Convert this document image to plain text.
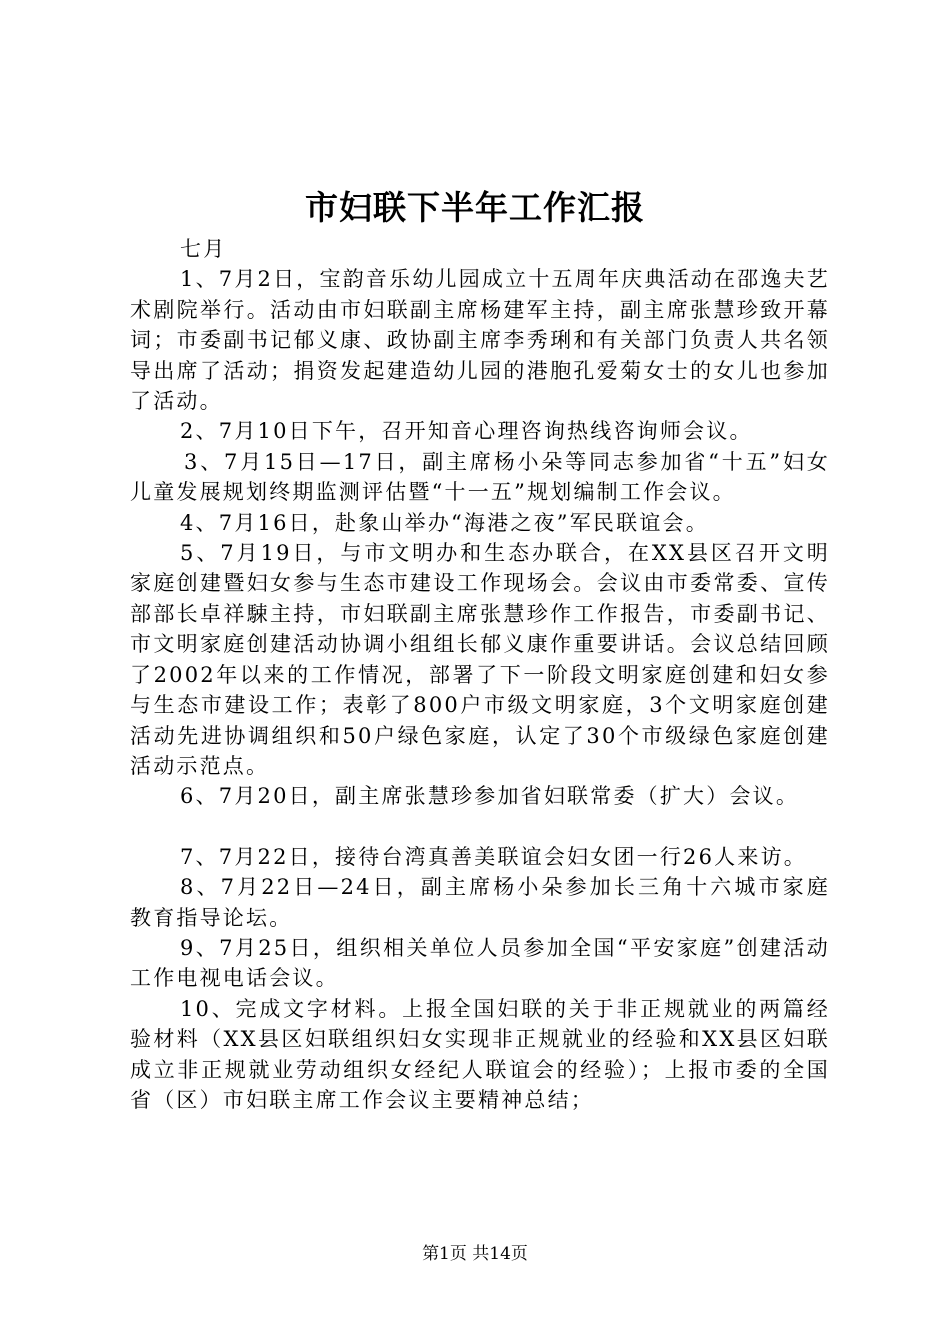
市妇联下半年工作汇报

七月

1、7月2日，宝韵音乐幼儿园成立十五周年庆典活动在邵逸夫艺术剧院举行。活动由市妇联副主席杨建军主持，副主席张慧珍致开幕词；市委副书记郁义康、政协副主席李秀琍和有关部门负责人共名领导出席了活动；捐资发起建造幼儿园的港胞孔爱菊女士的女儿也参加了活动。

2、7月10日下午，召开知音心理咨询热线咨询师会议。

3、7月15日—17日，副主席杨小朵等同志参加省“十五”妇女儿童发展规划终期监测评估暨“十一五”规划编制工作会议。

4、7月16日，赴象山举办“海港之夜”军民联谊会。

5、7月19日，与市文明办和生态办联合，在XX县区召开文明家庭创建暨妇女参与生态市建设工作现场会。会议由市委常委、宣传部部长卓祥駷主持，市妇联副主席张慧珍作工作报告，市委副书记、市文明家庭创建活动协调小组组长郁义康作重要讲话。会议总结回顾了2002年以来的工作情况，部署了下一阶段文明家庭创建和妇女参与生态市建设工作；表彰了800户市级文明家庭，3个文明家庭创建活动先进协调组织和50户绿色家庭，认定了30个市级绿色家庭创建活动示范点。

6、7月20日，副主席张慧珍参加省妇联常委（扩大）会议。

7、7月22日，接待台湾真善美联谊会妇女团一行26人来访。

8、7月22日—24日，副主席杨小朵参加长三角十六城市家庭教育指导论坛。

9、7月25日，组织相关单位人员参加全国“平安家庭”创建活动工作电视电话会议。

10、完成文字材料。上报全国妇联的关于非正规就业的两篇经验材料（XX县区妇联组织妇女实现非正规就业的经验和XX县区妇联成立非正规就业劳动组织女经纪人联谊会的经验）；上报市委的全国省（区）市妇联主席工作会议主要精神总结；

第1页 共14页
